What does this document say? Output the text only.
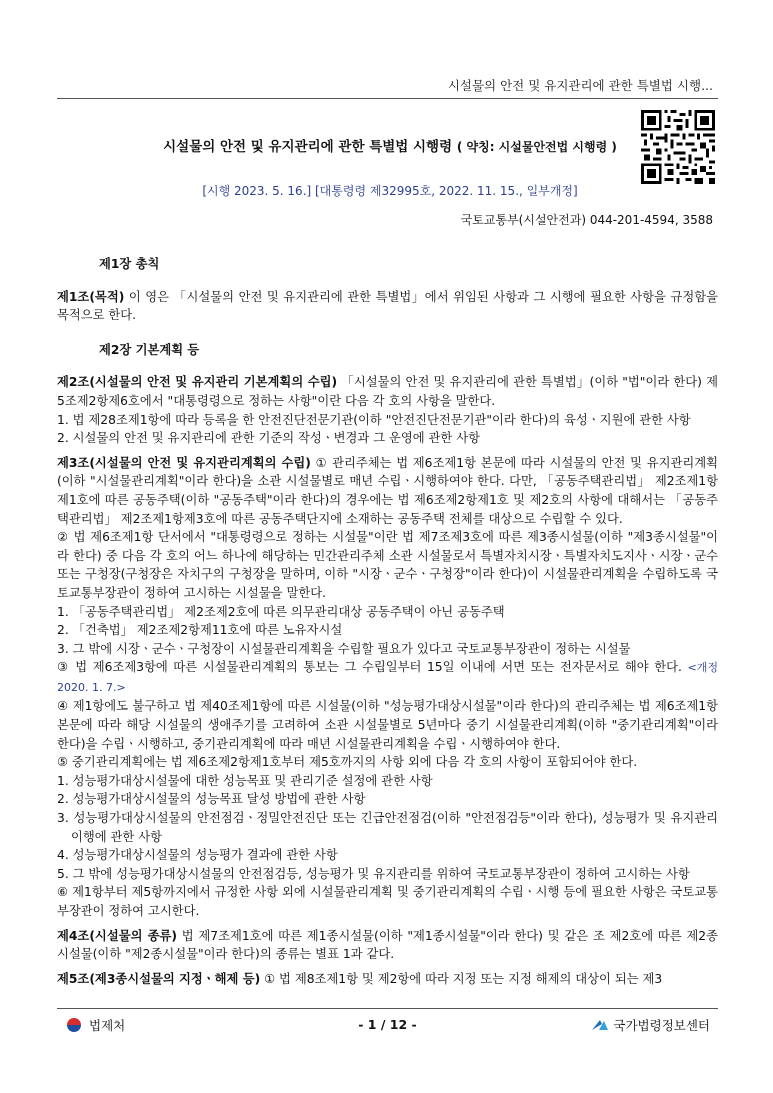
시설물의 안전 및 유지관리에 관한 특별법 시행...
시설물의 안전 및 유지관리에 관한 특별법 시행령 ( 약칭: 시설물안전법 시행령 )
[시행 2023. 5. 16.] [대통령령 제32995호, 2022. 11. 15., 일부개정]
국토교통부(시설안전과) 044-201-4594, 3588
제1장 총칙

제1조(목적) 이 영은 「시설물의 안전 및 유지관리에 관한 특별법」에서 위임된 사항과 그 시행에 필요한 사항을 규정함을 목적으로 한다.

제2장 기본계획 등

제2조(시설물의 안전 및 유지관리 기본계획의 수립) 「시설물의 안전 및 유지관리에 관한 특별법」(이하 "법"이라 한다) 제5조제2항제6호에서 "대통령령으로 정하는 사항"이란 다음 각 호의 사항을 말한다.

1. 법 제28조제1항에 따라 등록을 한 안전진단전문기관(이하 "안전진단전문기관"이라 한다)의 육성ㆍ지원에 관한 사항

2. 시설물의 안전 및 유지관리에 관한 기준의 작성ㆍ변경과 그 운영에 관한 사항

제3조(시설물의 안전 및 유지관리계획의 수립) ① 관리주체는 법 제6조제1항 본문에 따라 시설물의 안전 및 유지관리계획(이하 "시설물관리계획"이라 한다)을 소관 시설물별로 매년 수립ㆍ시행하여야 한다. 다만, 「공동주택관리법」 제2조제1항제1호에 따른 공동주택(이하 "공동주택"이라 한다)의 경우에는 법 제6조제2항제1호 및 제2호의 사항에 대해서는 「공동주택관리법」 제2조제1항제3호에 따른 공동주택단지에 소재하는 공동주택 전체를 대상으로 수립할 수 있다.

② 법 제6조제1항 단서에서 "대통령령으로 정하는 시설물"이란 법 제7조제3호에 따른 제3종시설물(이하 "제3종시설물"이라 한다) 중 다음 각 호의 어느 하나에 해당하는 민간관리주체 소관 시설물로서 특별자치시장ㆍ특별자치도지사ㆍ시장ㆍ군수 또는 구청장(구청장은 자치구의 구청장을 말하며, 이하 "시장ㆍ군수ㆍ구청장"이라 한다)이 시설물관리계획을 수립하도록 국토교통부장관이 정하여 고시하는 시설물을 말한다.

1. 「공동주택관리법」 제2조제2호에 따른 의무관리대상 공동주택이 아닌 공동주택

2. 「건축법」 제2조제2항제11호에 따른 노유자시설

3. 그 밖에 시장ㆍ군수ㆍ구청장이 시설물관리계획을 수립할 필요가 있다고 국토교통부장관이 정하는 시설물

③ 법 제6조제3항에 따른 시설물관리계획의 통보는 그 수립일부터 15일 이내에 서면 또는 전자문서로 해야 한다. <개정 2020. 1. 7.>

④ 제1항에도 불구하고 법 제40조제1항에 따른 시설물(이하 "성능평가대상시설물"이라 한다)의 관리주체는 법 제6조제1항 본문에 따라 해당 시설물의 생애주기를 고려하여 소관 시설물별로 5년마다 중기 시설물관리계획(이하 "중기관리계획"이라 한다)을 수립ㆍ시행하고, 중기관리계획에 따라 매년 시설물관리계획을 수립ㆍ시행하여야 한다.

⑤ 중기관리계획에는 법 제6조제2항제1호부터 제5호까지의 사항 외에 다음 각 호의 사항이 포함되어야 한다.

1. 성능평가대상시설물에 대한 성능목표 및 관리기준 설정에 관한 사항

2. 성능평가대상시설물의 성능목표 달성 방법에 관한 사항

3. 성능평가대상시설물의 안전점검ㆍ정밀안전진단 또는 긴급안전점검(이하 "안전점검등"이라 한다), 성능평가 및 유지관리 이행에 관한 사항

4. 성능평가대상시설물의 성능평가 결과에 관한 사항

5. 그 밖에 성능평가대상시설물의 안전점검등, 성능평가 및 유지관리를 위하여 국토교통부장관이 정하여 고시하는 사항

⑥ 제1항부터 제5항까지에서 규정한 사항 외에 시설물관리계획 및 중기관리계획의 수립ㆍ시행 등에 필요한 사항은 국토교통부장관이 정하여 고시한다.

제4조(시설물의 종류) 법 제7조제1호에 따른 제1종시설물(이하 "제1종시설물"이라 한다) 및 같은 조 제2호에 따른 제2종시설물(이하 "제2종시설물"이라 한다)의 종류는 별표 1과 같다.

제5조(제3종시설물의 지정ㆍ해제 등) ① 법 제8조제1항 및 제2항에 따라 지정 또는 지정 해제의 대상이 되는 제3

법제처	- 1 / 12 -	국가법령정보센터
